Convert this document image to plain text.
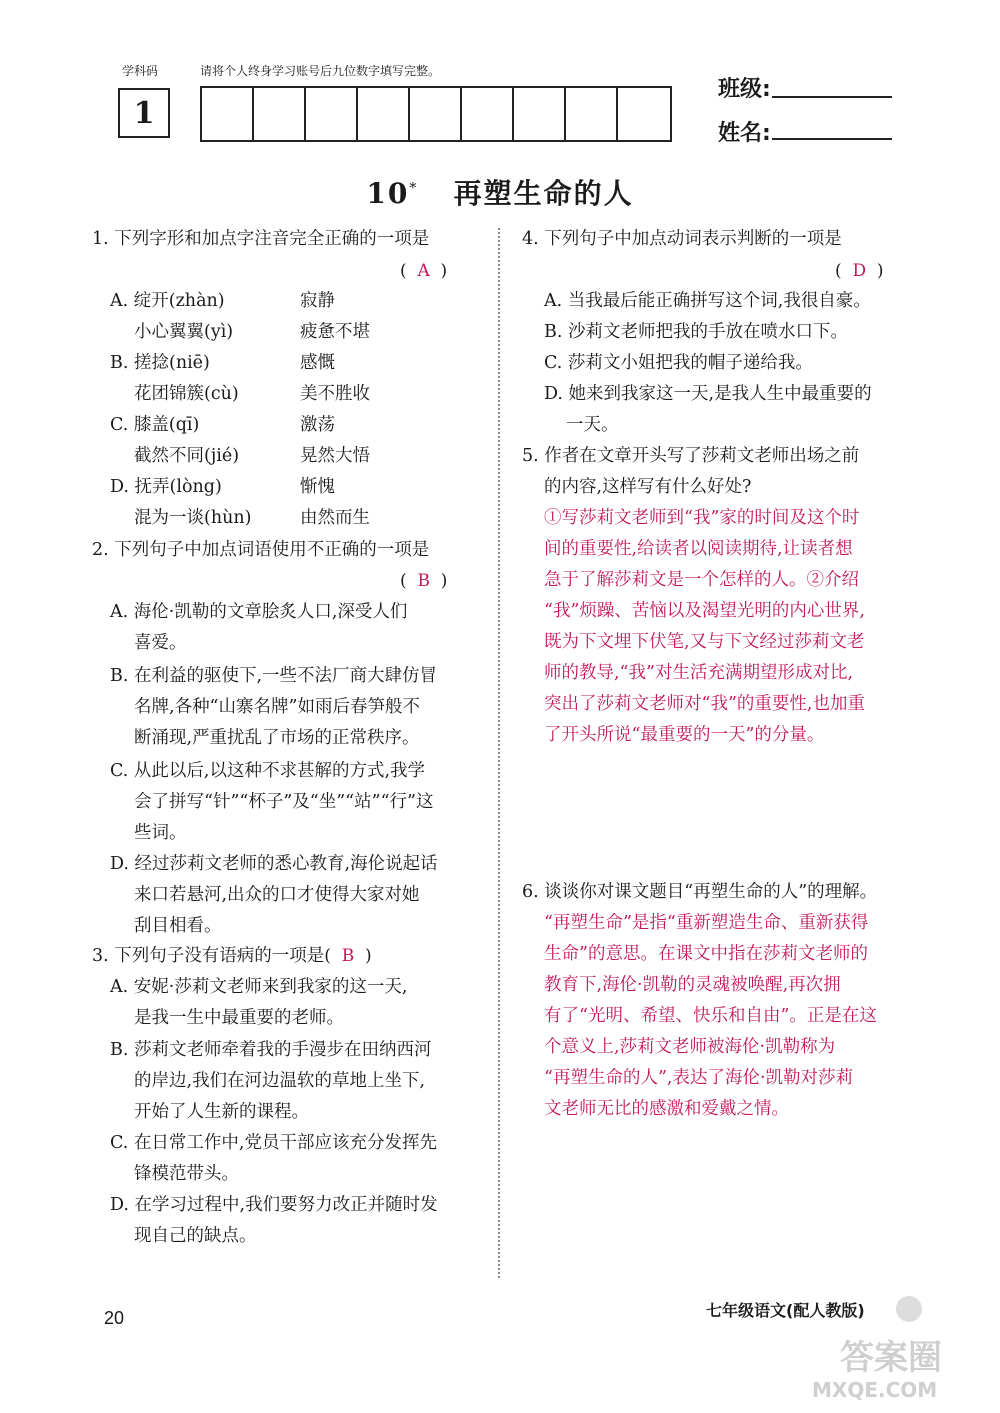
学科码	请将个人终身学习账号后九位数字填写完整。
1
班级:
姓名:
10* 再塑生命的人
1. 下列字形和加点字注音完全正确的一项是
(  A  )
A. 绽开(zhàn)	寂静
小心翼翼(yì)	疲惫不堪
B. 搓捻(niē)	感慨
花团锦簇(cù)	美不胜收
C. 膝盖(qī)	激荡
截然不同(jié)	晃然大悟
D. 抚弄(lòng)	惭愧
混为一谈(hùn)	由然而生
2. 下列句子中加点词语使用不正确的一项是
(  B  )
A. 海伦·凯勒的文章脍炙人口,深受人们
喜爱。
B. 在利益的驱使下,一些不法厂商大肆仿冒
名牌,各种“山寨名牌”如雨后春笋般不
断涌现,严重扰乱了市场的正常秩序。
C. 从此以后,以这种不求甚解的方式,我学
会了拼写“针”“杯子”及“坐”“站”“行”这
些词。
D. 经过莎莉文老师的悉心教育,海伦说起话
来口若悬河,出众的口才使得大家对她
刮目相看。
3. 下列句子没有语病的一项是(  B  )
A. 安妮·莎莉文老师来到我家的这一天,
是我一生中最重要的老师。
B. 莎莉文老师牵着我的手漫步在田纳西河
的岸边,我们在河边温软的草地上坐下,
开始了人生新的课程。
C. 在日常工作中,党员干部应该充分发挥先
锋模范带头。
D. 在学习过程中,我们要努力改正并随时发
现自己的缺点。
4. 下列句子中加点动词表示判断的一项是
(  D  )
A. 当我最后能正确拼写这个词,我很自豪。
B. 沙莉文老师把我的手放在喷水口下。
C. 莎莉文小姐把我的帽子递给我。
D. 她来到我家这一天,是我人生中最重要的
一天。
5. 作者在文章开头写了莎莉文老师出场之前
的内容,这样写有什么好处?
①写莎莉文老师到“我”家的时间及这个时
间的重要性,给读者以阅读期待,让读者想
急于了解莎莉文是一个怎样的人。②介绍
“我”烦躁、苦恼以及渴望光明的内心世界,
既为下文埋下伏笔,又与下文经过莎莉文老
师的教导,“我”对生活充满期望形成对比,
突出了莎莉文老师对“我”的重要性,也加重
了开头所说“最重要的一天”的分量。
6. 谈谈你对课文题目“再塑生命的人”的理解。
“再塑生命”是指“重新塑造生命、重新获得
生命”的意思。在课文中指在莎莉文老师的
教育下,海伦·凯勒的灵魂被唤醒,再次拥
有了“光明、希望、快乐和自由”。正是在这
个意义上,莎莉文老师被海伦·凯勒称为
“再塑生命的人”,表达了海伦·凯勒对莎莉
文老师无比的感激和爱戴之情。
20	七年级语文(配人教版)
答案圈
MXQE.COM
